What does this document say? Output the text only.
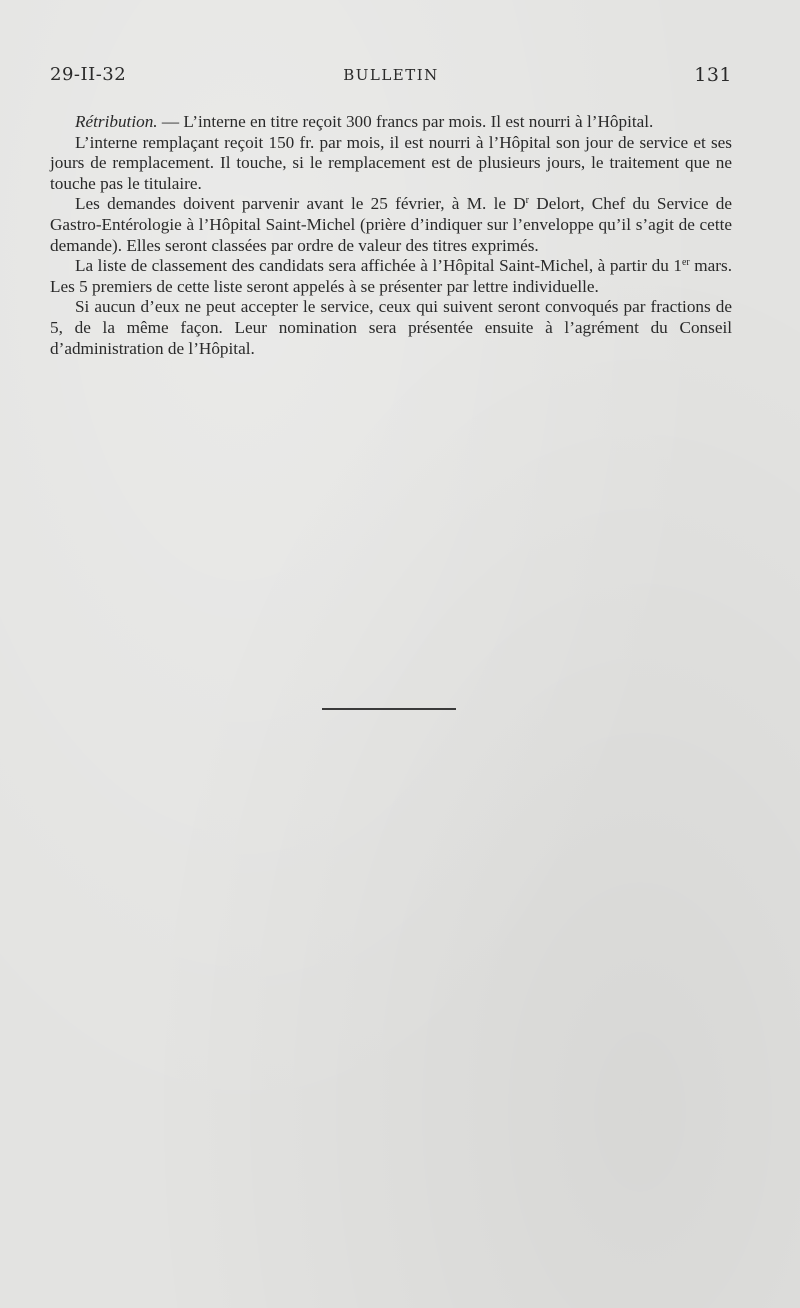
29-II-32	BULLETIN	131

Rétribution. — L’interne en titre reçoit 300 francs par mois. Il est nourri à l’Hôpital.

L’interne remplaçant reçoit 150 fr. par mois, il est nourri à l’Hôpital son jour de service et ses jours de remplacement. Il touche, si le remplacement est de plusieurs jours, le traitement que ne touche pas le titulaire.

Les demandes doivent parvenir avant le 25 février, à M. le $D^r$ Delort, Chef du Service de Gastro-Entérologie à l’Hôpital Saint-Michel (prière d’indiquer sur l’enveloppe qu’il s’agit de cette demande). Elles seront classées par ordre de valeur des titres exprimés.

La liste de classement des candidats sera affichée à l’Hôpital Saint-Michel, à partir du 1er mars. Les 5 premiers de cette liste seront appelés à se présenter par lettre individuelle.

Si aucun d’eux ne peut accepter le service, ceux qui suivent seront convoqués par fractions de 5, de la même façon. Leur nomination sera présentée ensuite à l’agrément du Conseil d’administration de l’Hôpital.
